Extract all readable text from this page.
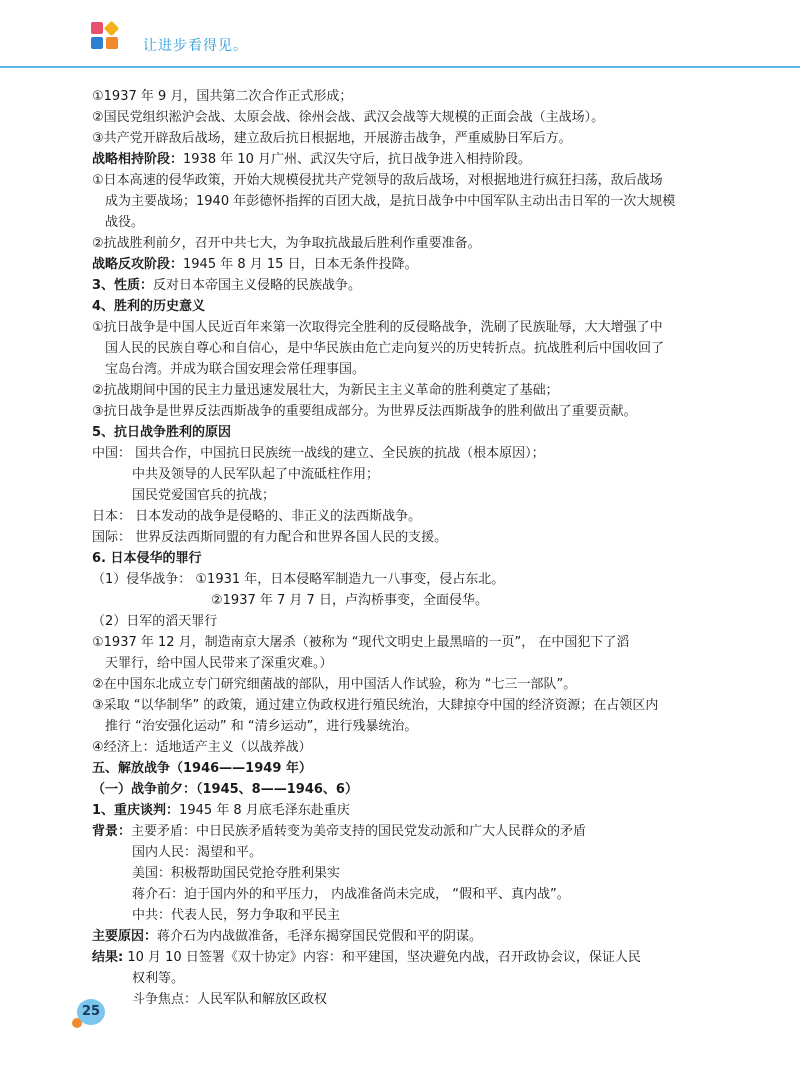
让进步看得见。
①1937 年 9 月，国共第二次合作正式形成；
②国民党组织淞沪会战、太原会战、徐州会战、武汉会战等大规模的正面会战（主战场）。
③共产党开辟敌后战场，建立敌后抗日根据地，开展游击战争，严重威胁日军后方。
战略相持阶段：1938 年 10 月广州、武汉失守后，抗日战争进入相持阶段。
①日本高速的侵华政策，开始大规模侵扰共产党领导的敌后战场，对根据地进行疯狂扫荡，敌后战场
成为主要战场；1940 年彭德怀指挥的百团大战，是抗日战争中中国军队主动出击日军的一次大规模
战役。
②抗战胜利前夕，召开中共七大，为争取抗战最后胜利作重要准备。
战略反攻阶段：1945 年 8 月 15 日，日本无条件投降。
3、性质：反对日本帝国主义侵略的民族战争。
4、胜利的历史意义
①抗日战争是中国人民近百年来第一次取得完全胜利的反侵略战争，洗刷了民族耻辱，大大增强了中
国人民的民族自尊心和自信心，是中华民族由危亡走向复兴的历史转折点。抗战胜利后中国收回了
宝岛台湾。并成为联合国安理会常任理事国。
②抗战期间中国的民主力量迅速发展壮大，为新民主主义革命的胜利奠定了基础；
③抗日战争是世界反法西斯战争的重要组成部分。为世界反法西斯战争的胜利做出了重要贡献。
5、抗日战争胜利的原因
中国： 国共合作，中国抗日民族统一战线的建立、全民族的抗战（根本原因）；
中共及领导的人民军队起了中流砥柱作用；
国民党爱国官兵的抗战；
日本： 日本发动的战争是侵略的、非正义的法西斯战争。
国际： 世界反法西斯同盟的有力配合和世界各国人民的支援。
6. 日本侵华的罪行
（1）侵华战争： ①1931 年，日本侵略军制造九一八事变，侵占东北。
②1937 年 7 月 7 日，卢沟桥事变，全面侵华。
（2）日军的滔天罪行
①1937 年 12 月，制造南京大屠杀（被称为 “现代文明史上最黑暗的一页”， 在中国犯下了滔
天罪行，给中国人民带来了深重灾难。）
②在中国东北成立专门研究细菌战的部队，用中国活人作试验，称为 “七三一部队”。
③采取 “以华制华” 的政策，通过建立伪政权进行殖民统治，大肆掠夺中国的经济资源；在占领区内
推行 “治安强化运动” 和 “清乡运动”，进行残暴统治。
④经济上：适地适产主义（以战养战）
五、解放战争（1946——1949 年）
（一）战争前夕：（1945、8——1946、6）
1、重庆谈判：1945 年 8 月底毛泽东赴重庆
背景：主要矛盾：中日民族矛盾转变为美帝支持的国民党发动派和广大人民群众的矛盾
国内人民：渴望和平。
美国：积极帮助国民党抢夺胜利果实
蒋介石：迫于国内外的和平压力， 内战准备尚未完成， “假和平、真内战”。
中共：代表人民，努力争取和平民主
主要原因：蒋介石为内战做准备，毛泽东揭穿国民党假和平的阴谋。
结果: 10 月 10 日签署《双十协定》内容：和平建国，坚决避免内战，召开政协会议，保证人民
权利等。
斗争焦点：人民军队和解放区政权
25
